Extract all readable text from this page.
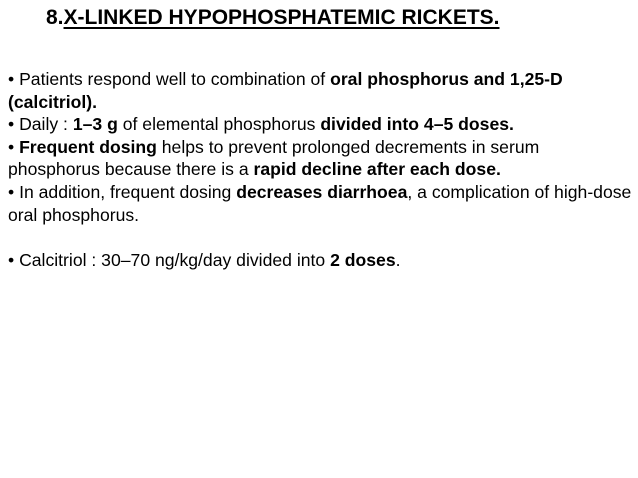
8.X-LINKED HYPOPHOSPHATEMIC RICKETS.

• Patients respond well to combination of oral phosphorus and 1,25-D (calcitriol).

• Daily : 1–3 g of elemental phosphorus divided into 4–5 doses.

• Frequent dosing helps to prevent prolonged decrements in serum phosphorus because there is a rapid decline after each dose.

• In addition, frequent dosing decreases diarrhoea, a complication of high-dose oral phosphorus.

• Calcitriol : 30–70 ng/kg/day divided into 2 doses.
